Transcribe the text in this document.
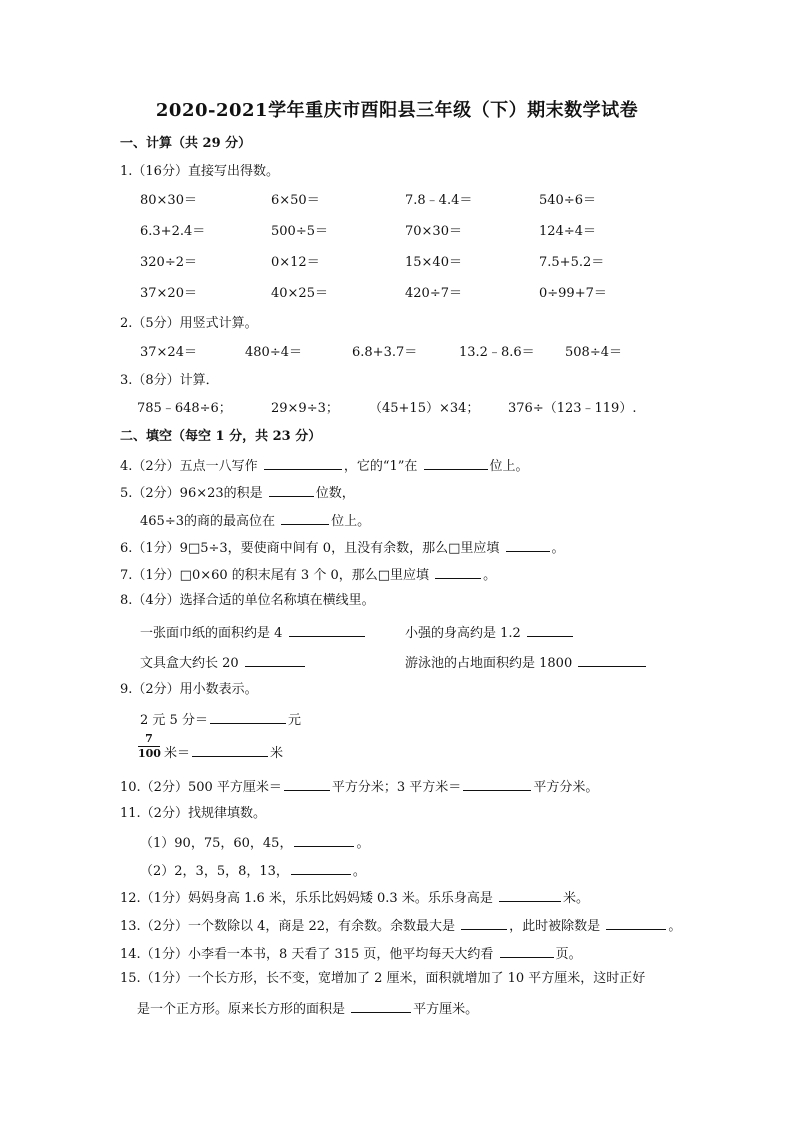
2020-2021学年重庆市酉阳县三年级（下）期末数学试卷
一、计算（共 29 分）
1.（16分）直接写出得数。
80×30＝	6×50＝	7.8﹣4.4＝	540÷6＝
6.3+2.4＝	500÷5＝	70×30＝	124÷4＝
320÷2＝	0×12＝	15×40＝	7.5+5.2＝
37×20＝	40×25＝	420÷7＝	0÷99+7＝
2.（5分）用竖式计算。
37×24＝	480÷4＝	6.8+3.7＝	13.2﹣8.6＝ 508÷4＝
3.（8分）计算．
785﹣648÷6；	29×9÷3； （45+15）×34； 376÷（123﹣119）.
二、填空（每空 1 分，共 23 分）
4.（2分）五点一八写作	，它的“1”在	位上。
5.（2分）96×23的积是	位数，
465÷3的商的最高位在	位上。
6.（1分）9□5÷3，要使商中间有 0，且没有余数，那么□里应填	。
7.（1分）□0×60 的积末尾有 3 个 0，那么□里应填	。
8.（4分）选择合适的单位名称填在横线里。
一张面巾纸的面积约是 4	小强的身高约是 1.2
文具盒大约长 20	游泳池的占地面积约是 1800
9.（2分）用小数表示。
2 元 5 分＝	元
$\frac{7}{100}$ 米＝	米
10.（2分）500 平方厘米＝	平方分米；3 平方米＝	平方分米。
11.（2分）找规律填数。
（1）90，75，60，45，	。
（2）2，3，5，8，13，	。
12.（1分）妈妈身高 1.6 米，乐乐比妈妈矮 0.3 米。乐乐身高是	米。
13.（2分）一个数除以 4，商是 22，有余数。余数最大是	，此时被除数是	。
14.（1分）小李看一本书，8 天看了 315 页，他平均每天大约看	页。
15.（1分）一个长方形，长不变，宽增加了 2 厘米，面积就增加了 10 平方厘米，这时正好
是一个正方形。原来长方形的面积是	平方厘米。
